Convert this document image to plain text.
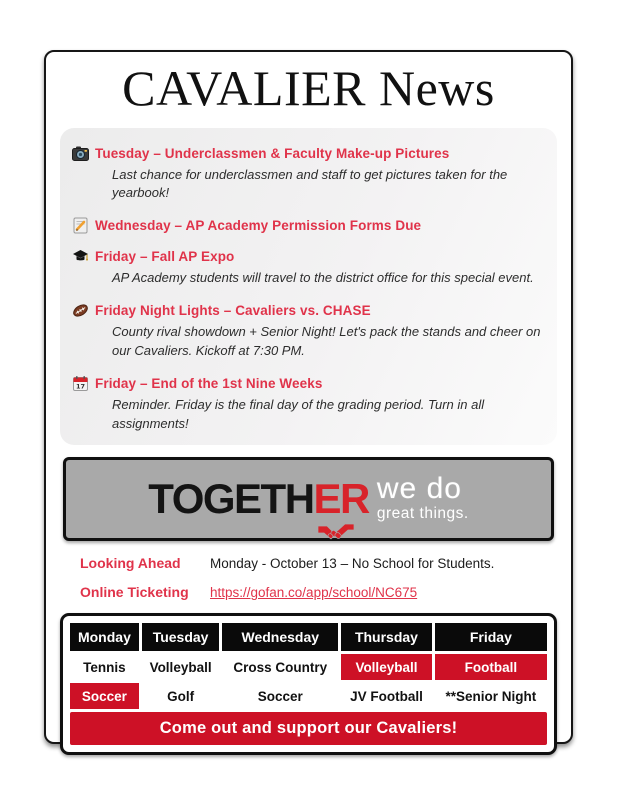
CAVALIER News
Tuesday – Underclassmen & Faculty Make-up Pictures
Last chance for underclassmen and staff to get pictures taken for the yearbook!
Wednesday – AP Academy Permission Forms Due
Friday – Fall AP Expo
AP Academy students will travel to the district office for this special event.
Friday Night Lights – Cavaliers vs. CHASE
County rival showdown + Senior Night! Let's pack the stands and cheer on our Cavaliers. Kickoff at 7:30 PM.
17 Friday – End of the 1st Nine Weeks
Reminder. Friday is the final day of the grading period. Turn in all assignments!
TOGETHER we do
great things.
Looking Ahead	Monday - October 13 – No School for Students.
Online Ticketing	https://gofan.co/app/school/NC675
Monday	Tuesday	Wednesday	Thursday	Friday
Tennis	Volleyball	Cross Country	Volleyball	Football
Soccer	Golf	Soccer	JV Football	**Senior Night
Come out and support our Cavaliers!
